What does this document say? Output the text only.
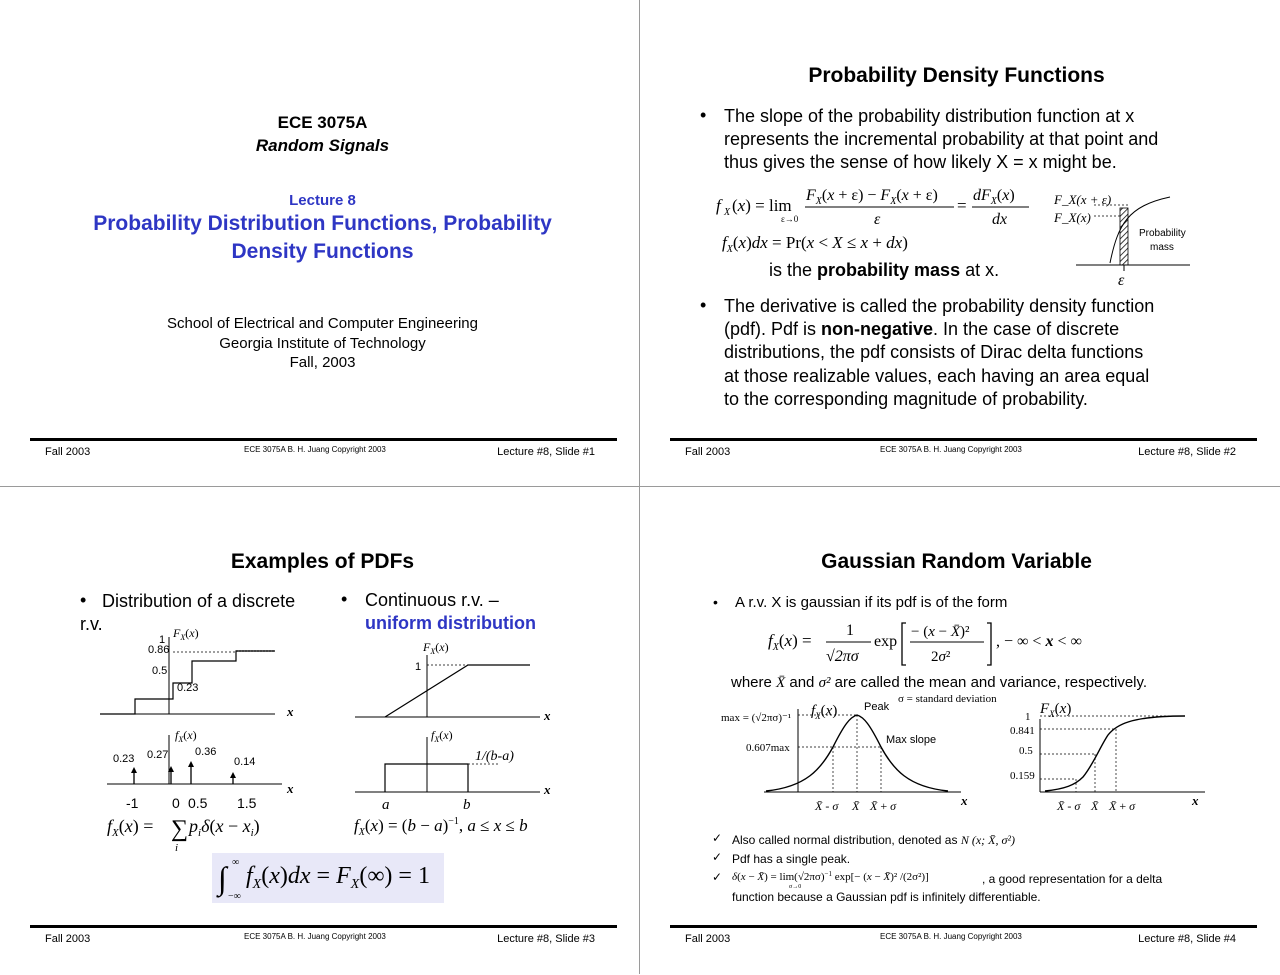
ECE 3075A
Random Signals
Lecture 8
Probability Distribution Functions, Probability
Density Functions
School of Electrical and Computer Engineering
Georgia Institute of Technology
Fall, 2003
Fall 2003	ECE 3075A B. H. Juang Copyright 2003	Lecture #8, Slide #1
Probability Density Functions
• The slope of the probability distribution function at x
represents the incremental probability at that point and
thus gives the sense of how likely X = x might be.
f X (x) = lim
ε→0
$F_X(x + \varepsilon) - F_X(x + \varepsilon)$
ε
=
$dF_X(x)$
dx
$f_X(x)dx = Pr(x < X \le x + dx)$
is the probability mass at x.
F_X(x + ε)
F_X(x)
Probability
mass
ε
• The derivative is called the probability density function
(pdf). Pdf is non-negative. In the case of discrete
distributions, the pdf consists of Dirac delta functions
at those realizable values, each having an area equal
to the corresponding magnitude of probability.
Fall 2003	ECE 3075A B. H. Juang Copyright 2003	Lecture #8, Slide #2
Examples of PDFs
• Distribution of a discrete
r.v.
• Continuous r.v. –
uniform distribution
$F_X(x)$
1
0.86
0.5
0.23
x
$f_X(x)$
0.23 0.27 0.36
0.14
x
-1 0 0.5 1.5
$F_X(x)$
1
x
$f_X(x)$
1/(b-a)
a	b
x
$f_X(x)$ = ∑
i
$p_i\delta(x - x_i)$	$f_X(x) = (b - a)^{-1}$, a ≤ x ≤ b
∫ ∞
−∞
$f_X(x)dx = F_X(\infty) = 1$
Fall 2003	ECE 3075A B. H. Juang Copyright 2003	Lecture #8, Slide #3
Gaussian Random Variable
• A r.v. X is gaussian if its pdf is of the form
$f_X(x)$ =
1
√2πσ
exp
− (x − X̄)²
2σ²
, − ∞ < x < ∞
where X̄ and σ² are called the mean and variance, respectively.
σ = standard deviation
$f_X(x)$ Peak
Max slope
max = (√2πσ)⁻¹
0.607max
X̄ - σ X̄ X̄ + σ	x
$F_X(x)$
1
0.841
0.5
0.159
X̄ - σ X̄ X̄ + σ	x
✓ Also called normal distribution, denoted as N (x; X̄, σ²)
✓ Pdf has a single peak.
✓ δ(x − X̄) = $\lim(√2\pi\sigma)^{-1}$ exp[− (x − X̄)² /(2σ²)]
σ→0
, a good representation for a delta
function because a Gaussian pdf is infinitely differentiable.
Fall 2003	ECE 3075A B. H. Juang Copyright 2003	Lecture #8, Slide #4
